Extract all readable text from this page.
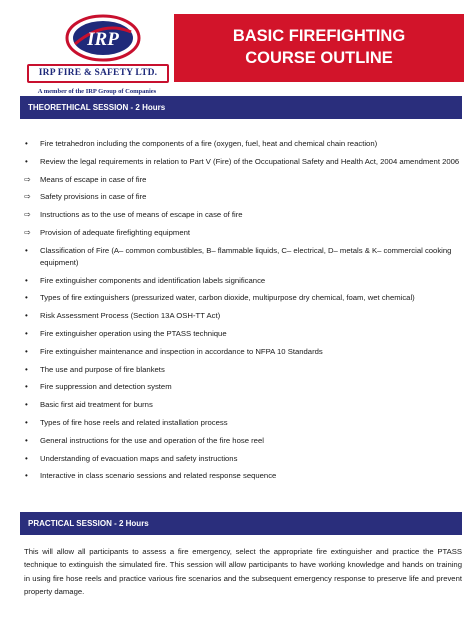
IRP
IRP FIRE & SAFETY LTD.
A member of the IRP Group of Companies
BASIC FIREFIGHTING
COURSE OUTLINE
THEORETHICAL SESSION - 2 Hours
•	Fire tetrahedron including the components of a fire (oxygen, fuel, heat and chemical chain reaction)
•	Review the legal requirements in relation to Part V (Fire) of the Occupational Safety and Health Act, 2004 amendment 2006
⇨	Means of escape in case of fire
⇨	Safety provisions in case of fire
⇨	Instructions as to the use of means of escape in case of fire
⇨	Provision of adequate firefighting equipment
•	Classification of Fire (A– common combustibles, B– flammable liquids, C– electrical, D– metals & K– commercial cooking equipment)
•	Fire extinguisher components and identification labels significance
•	Types of fire extinguishers (pressurized water, carbon dioxide, multipurpose dry chemical, foam, wet chemical)
•	Risk Assessment Process (Section 13A OSH-TT Act)
•	Fire extinguisher operation using the PTASS technique
•	Fire extinguisher maintenance and inspection in accordance to NFPA 10 Standards
•	The use and purpose of fire blankets
•	Fire suppression and detection system
•	Basic first aid treatment for burns
•	Types of fire hose reels and related installation process
•	General instructions for the use and operation of the fire hose reel
•	Understanding of evacuation maps and safety instructions
•	Interactive in class scenario sessions and related response sequence
PRACTICAL SESSION - 2 Hours

This will allow all participants to assess a fire emergency, select the appropriate fire extinguisher and practice the PTASS technique to extinguish the simulated fire. This session will allow participants to have working knowledge and hands on training in using fire hose reels and practice various fire scenarios and the subsequent emergency response to preserve life and prevent property damage.
